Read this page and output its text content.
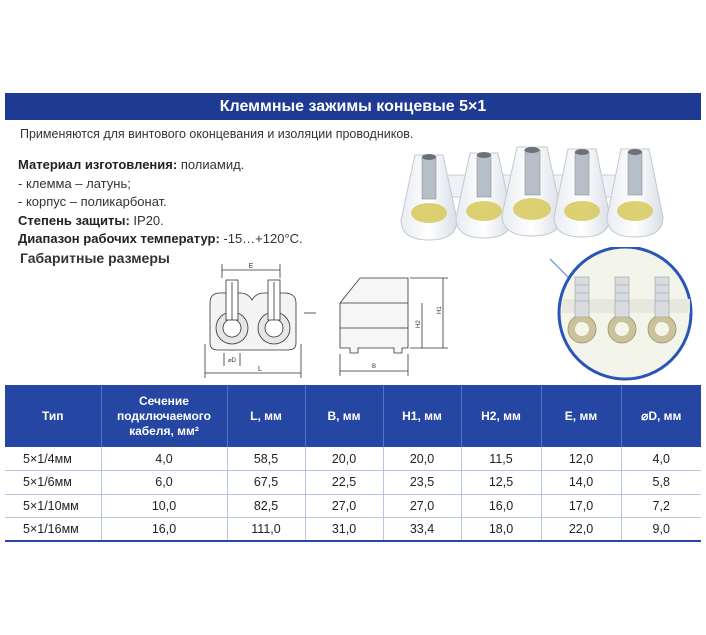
Клеммные зажимы концевые 5×1
Применяются для винтового оконцевания и изоляции проводников.
Материал изготовления: полиамид.
- клемма – латунь;
- корпус – поликарбонат.
Степень защиты: IP20.
Диапазон рабочих температур: -15…+120°C.
Габаритные размеры
E
⌀D
L
H2
H1
B
Тип	Сечение подключаемого кабеля, мм²	L, мм	B, мм	H1, мм	H2, мм	E, мм	⌀D, мм
5×1/4мм	4,0	58,5	20,0	20,0	11,5	12,0	4,0
5×1/6мм	6,0	67,5	22,5	23,5	12,5	14,0	5,8
5×1/10мм	10,0	82,5	27,0	27,0	16,0	17,0	7,2
5×1/16мм	16,0	111,0	31,0	33,4	18,0	22,0	9,0
